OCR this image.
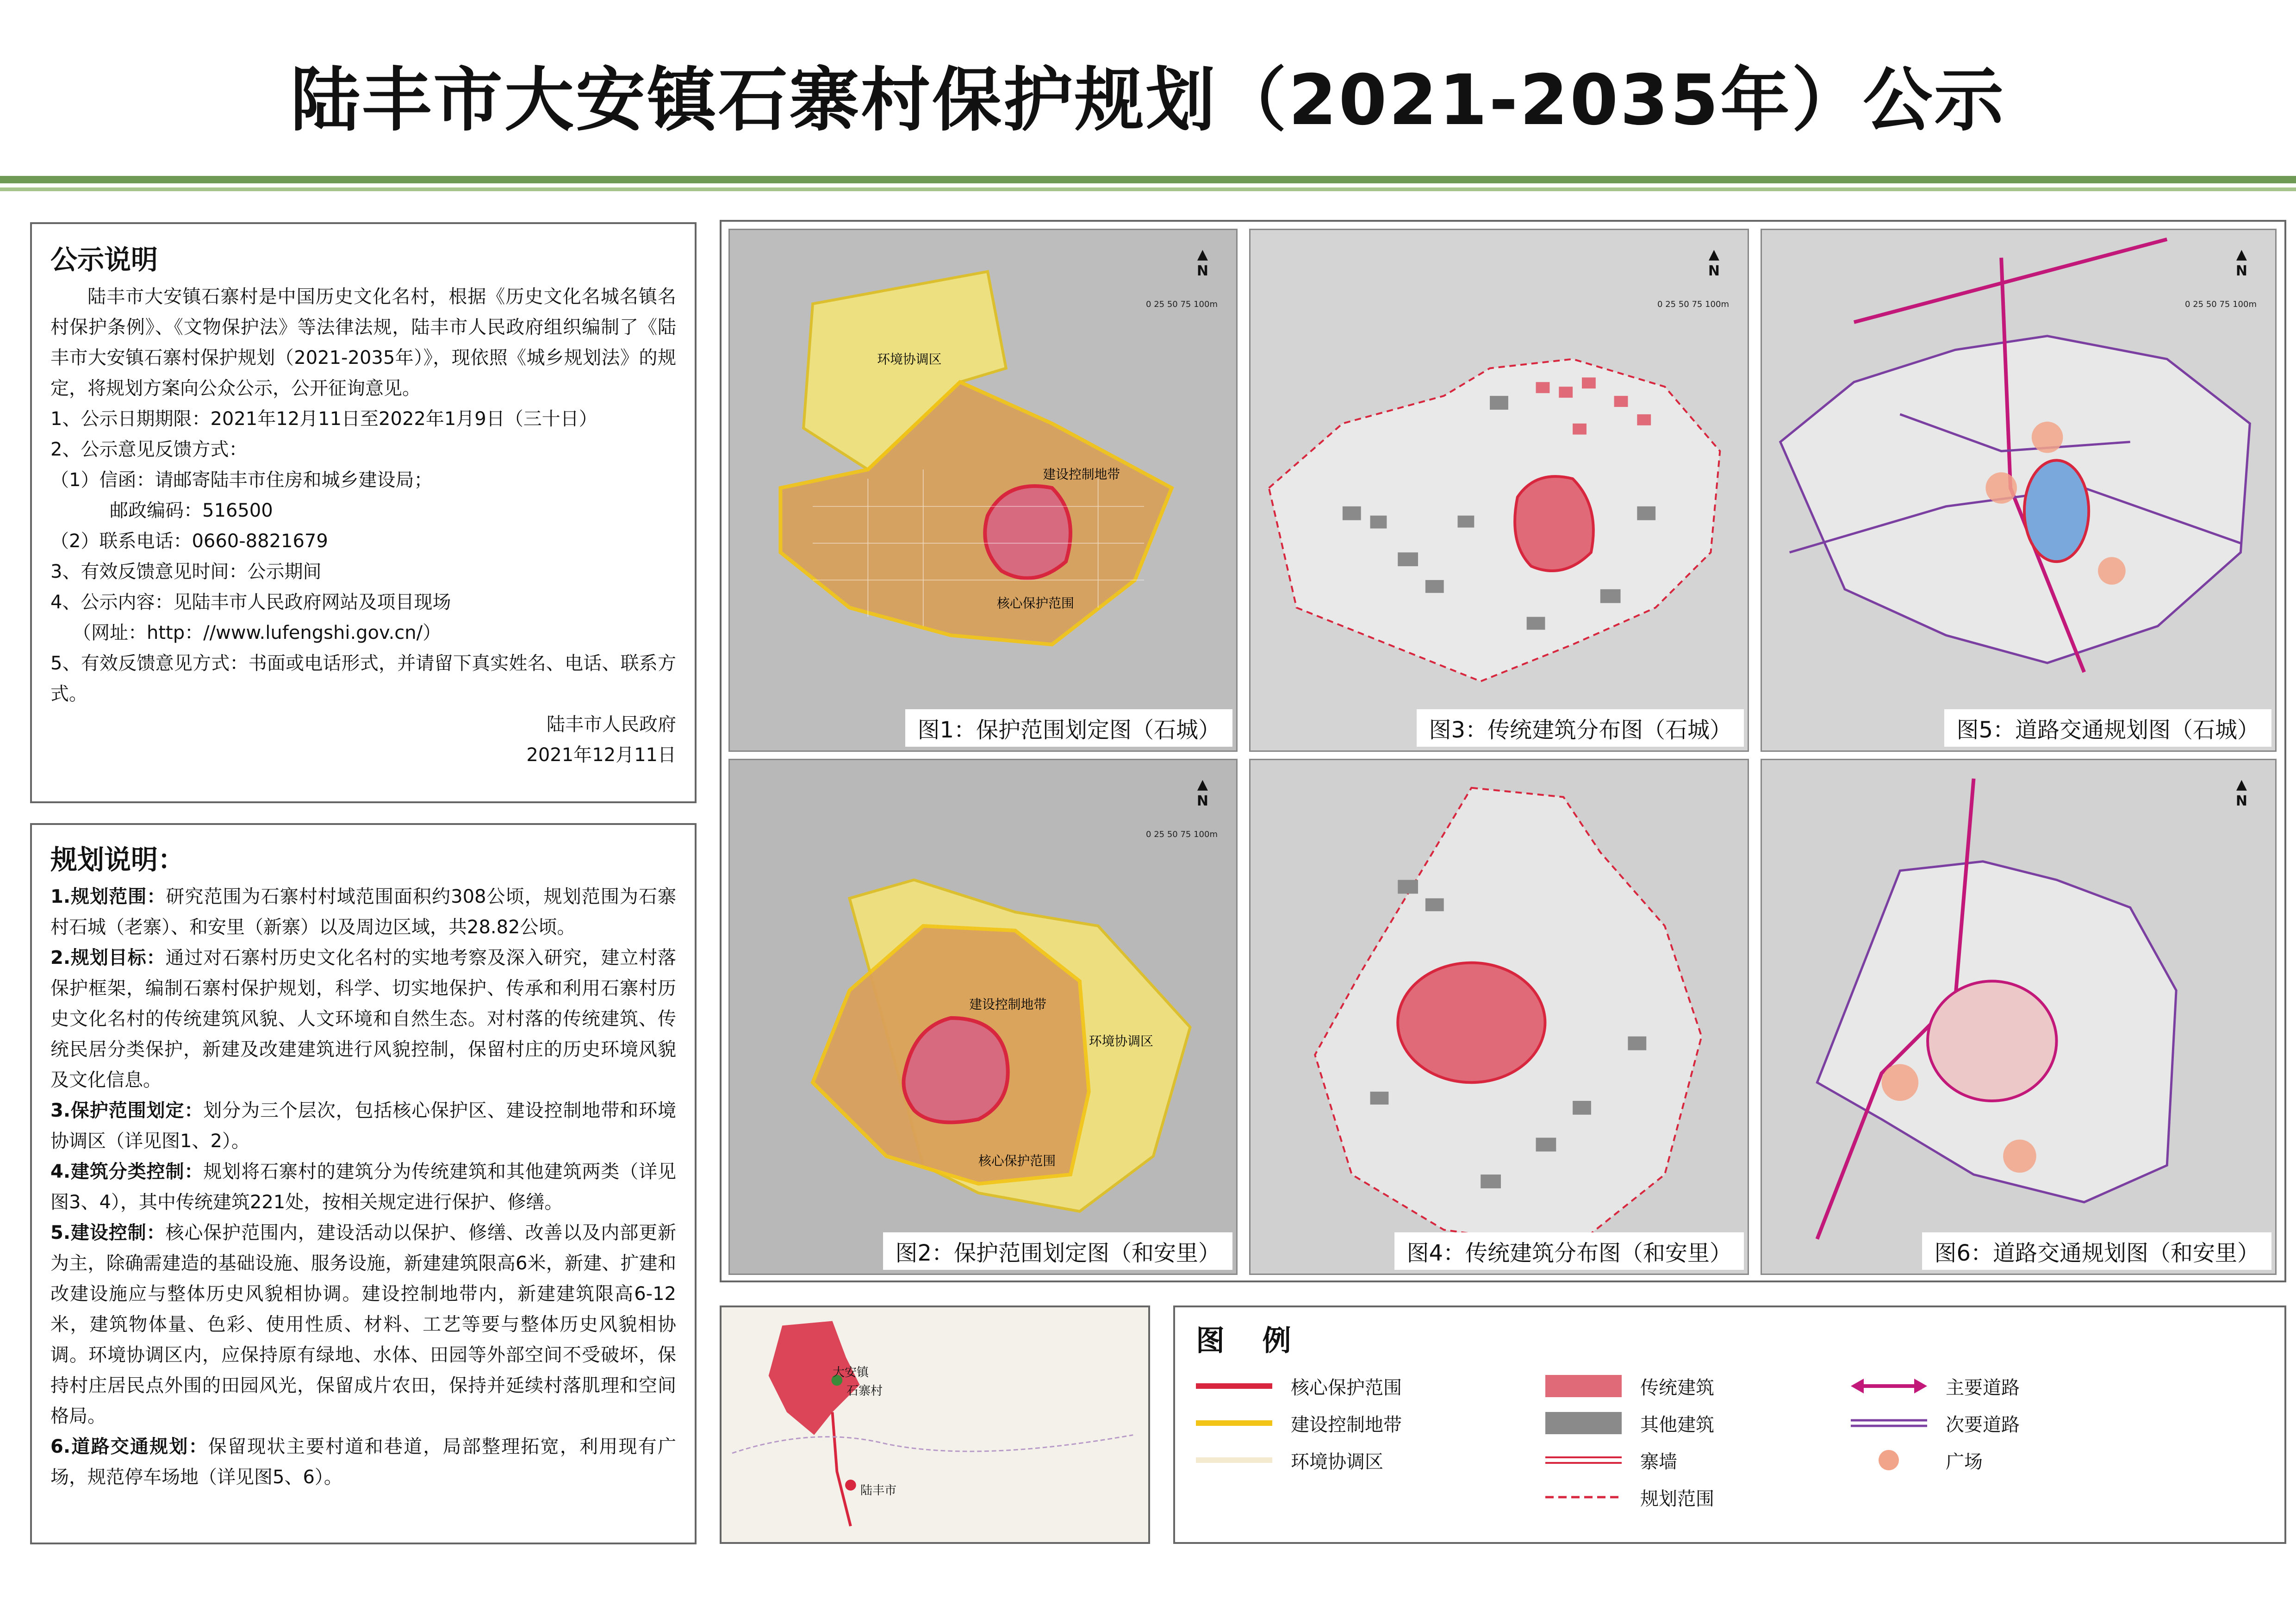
陆丰市大安镇石寨村保护规划（2021-2035年）公示
公示说明

陆丰市大安镇石寨村是中国历史文化名村，根据《历史文化名城名镇名村保护条例》、《文物保护法》等法律法规，陆丰市人民政府组织编制了《陆丰市大安镇石寨村保护规划（2021-2035年）》，现依照《城乡规划法》的规定，将规划方案向公众公示，公开征询意见。

1、公示日期期限：2021年12月11日至2022年1月9日（三十日）

2、公示意见反馈方式：

（1）信函：请邮寄陆丰市住房和城乡建设局；

邮政编码：516500

（2）联系电话：0660-8821679

3、有效反馈意见时间：公示期间

4、公示内容：见陆丰市人民政府网站及项目现场

（网址：http：//www.lufengshi.gov.cn/）

5、有效反馈意见方式：书面或电话形式，并请留下真实姓名、电话、联系方式。

陆丰市人民政府

2021年12月11日

规划说明：

1.规划范围：研究范围为石寨村村域范围面积约308公顷，规划范围为石寨村石城（老寨）、和安里（新寨）以及周边区域，共28.82公顷。

2.规划目标：通过对石寨村历史文化名村的实地考察及深入研究，建立村落保护框架，编制石寨村保护规划，科学、切实地保护、传承和利用石寨村历史文化名村的传统建筑风貌、人文环境和自然生态。对村落的传统建筑、传统民居分类保护，新建及改建建筑进行风貌控制，保留村庄的历史环境风貌及文化信息。

3.保护范围划定：划分为三个层次，包括核心保护区、建设控制地带和环境协调区（详见图1、2）。

4.建筑分类控制：规划将石寨村的建筑分为传统建筑和其他建筑两类（详见图3、4），其中传统建筑221处，按相关规定进行保护、修缮。

5.建设控制：核心保护范围内，建设活动以保护、修缮、改善以及内部更新为主，除确需建造的基础设施、服务设施，新建建筑限高6米，新建、扩建和改建设施应与整体历史风貌相协调。建设控制地带内，新建建筑限高6-12米，建筑物体量、色彩、使用性质、材料、工艺等要与整体历史风貌相协调。环境协调区内，应保持原有绿地、水体、田园等外部空间不受破坏，保持村庄居民点外围的田园风光，保留成片农田，保持并延续村落肌理和空间格局。

6.道路交通规划：保留现状主要村道和巷道，局部整理拓宽，利用现有广场，规范停车场地（详见图5、6）。

环境协调区
建设控制地带
核心保护范围
▲
N
0 25 50 75 100m
图1：保护范围划定图（石城）
▲
N
0 25 50 75 100m
图3：传统建筑分布图（石城）
▲
N
0 25 50 75 100m
图5：道路交通规划图（石城）
建设控制地带
环境协调区
核心保护范围
▲
N
0 25 50 75 100m
图2：保护范围划定图（和安里）	图4：传统建筑分布图（和安里）
▲
N
图6：道路交通规划图（和安里）
大安镇
石寨村
陆丰市
图 例
核心保护范围
建设控制地带
环境协调区
传统建筑
其他建筑
寨墙
规划范围
主要道路
次要道路
广场
